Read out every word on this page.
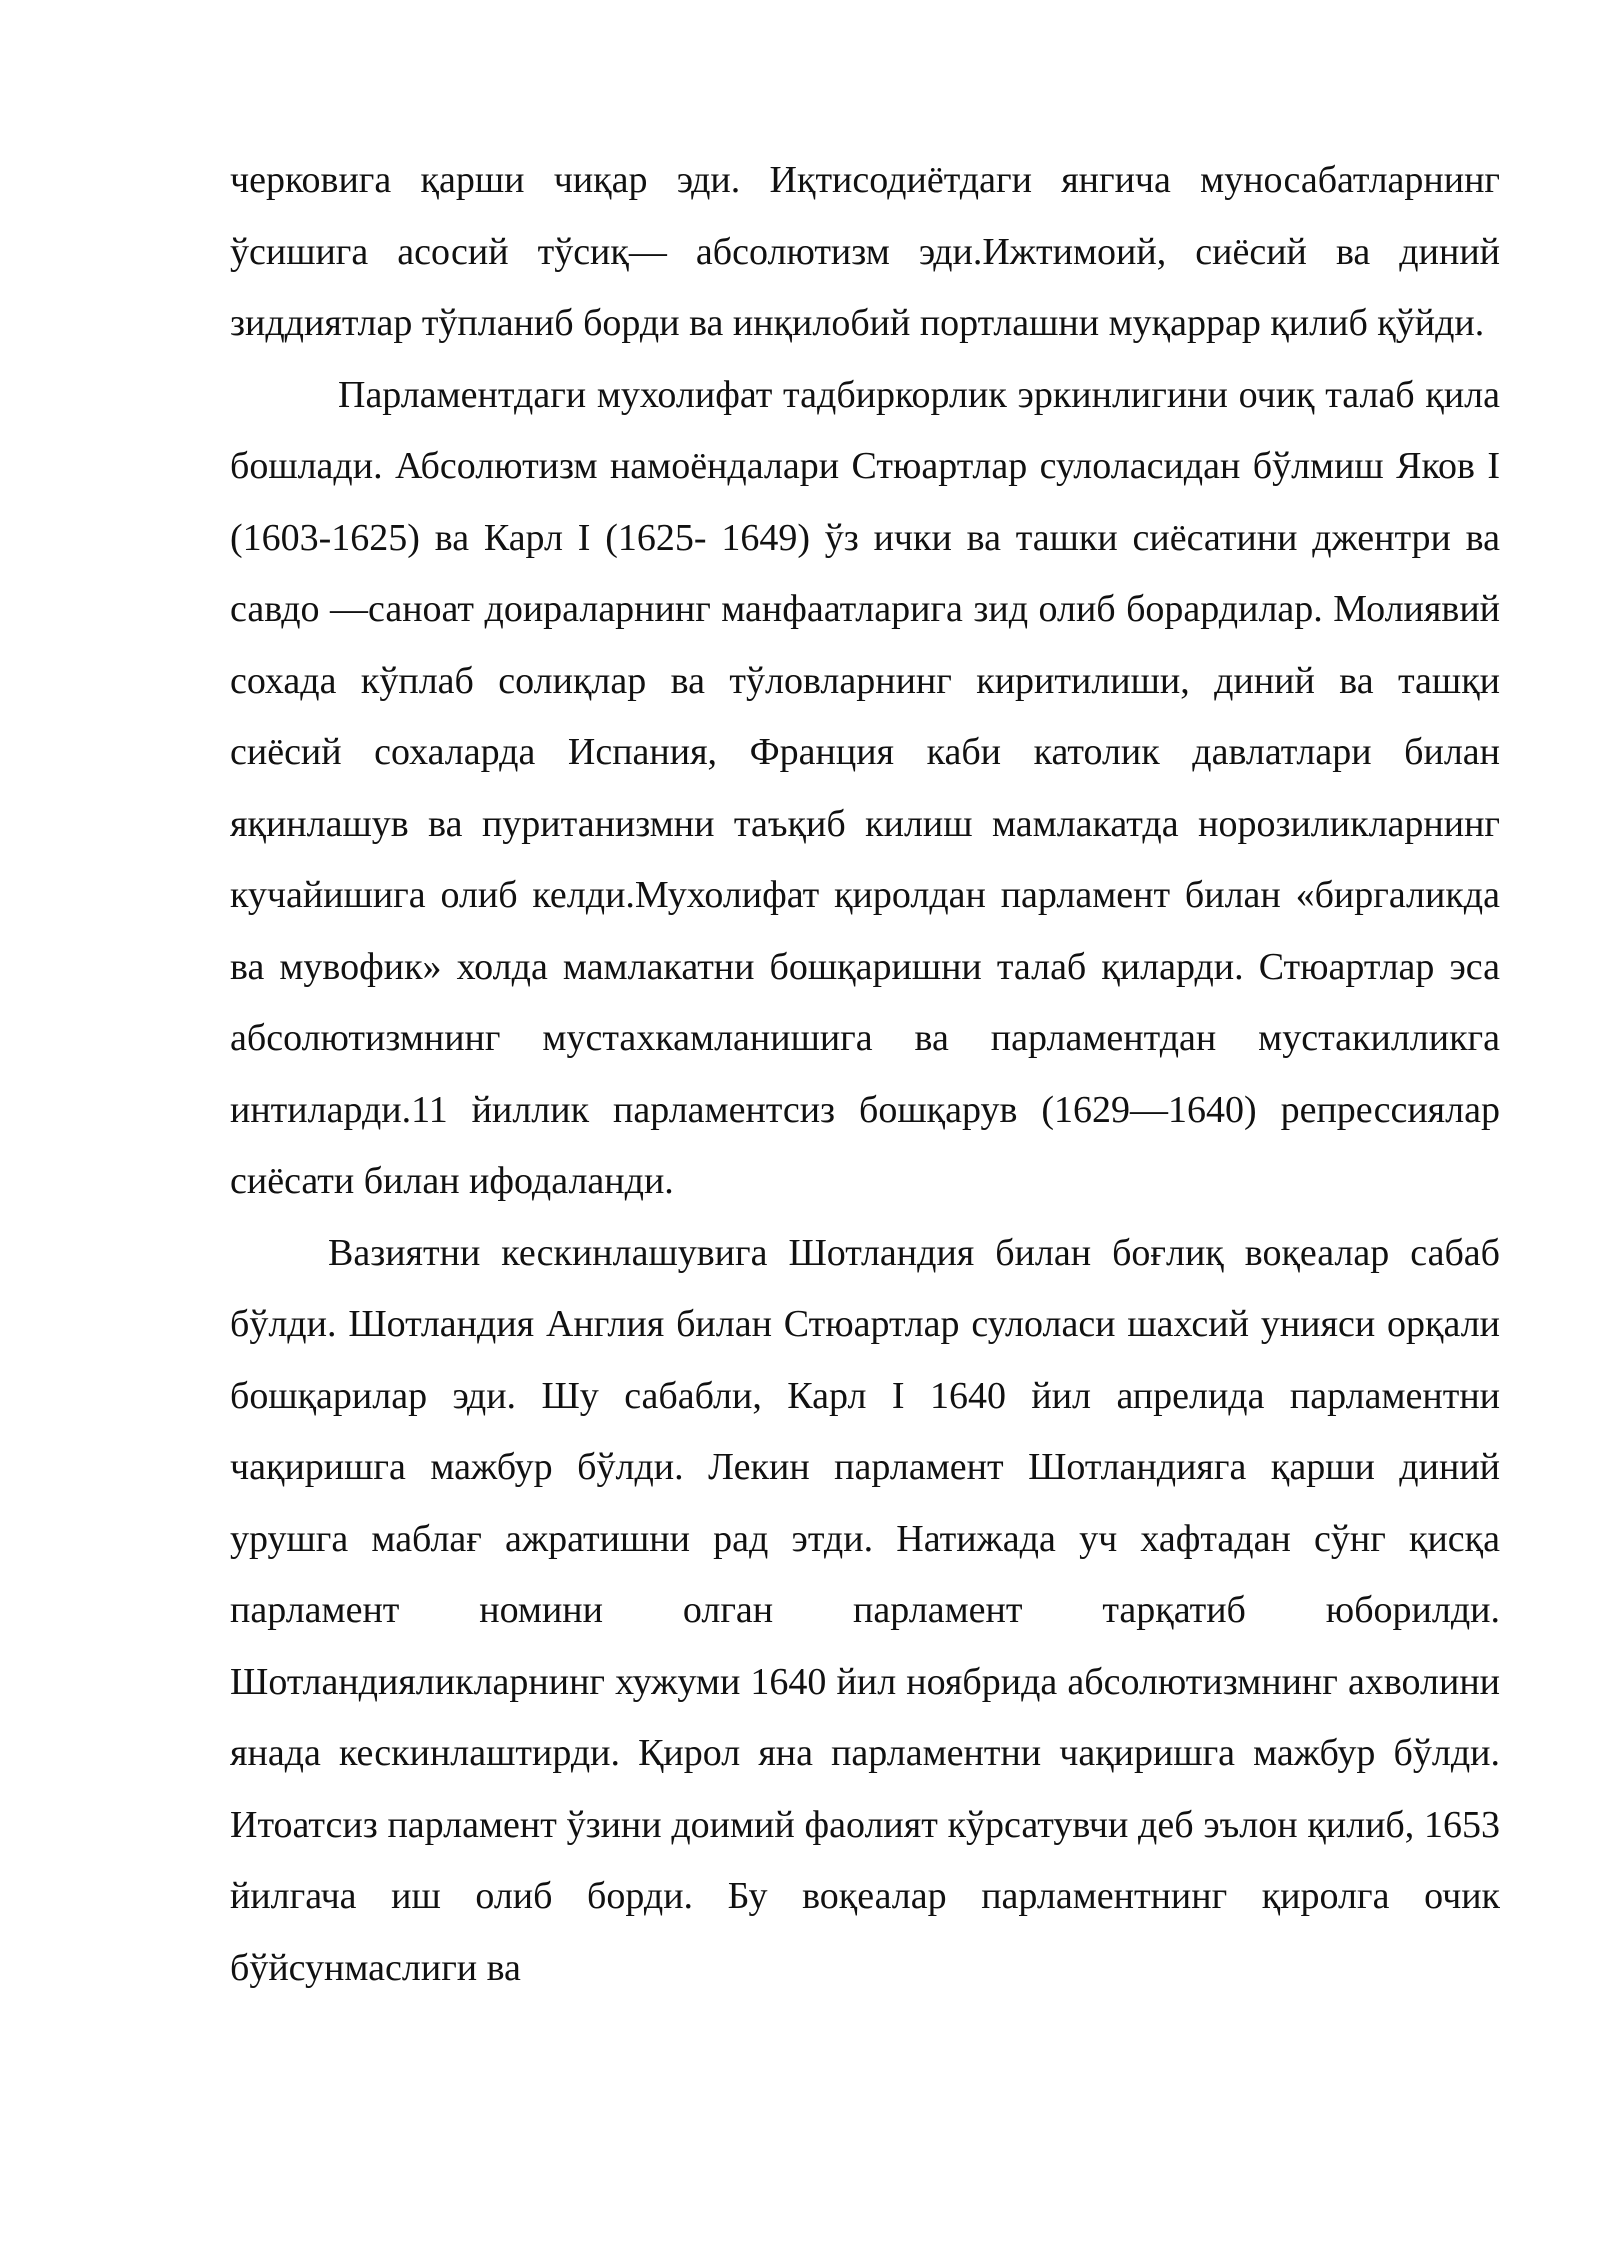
черковига қарши чиқар эди. Иқтисодиётдаги янгича муносабатларнинг ўсишига асосий тўсиқ— абсолютизм эди.Ижтимоий, сиёсий ва диний зиддиятлар тўпланиб борди ва инқилобий портлашни муқаррар қилиб қўйди.

Парламентдаги мухолифат тадбиркорлик эркинлигини очиқ талаб қила бошлади. Абсолютизм намоёндалари Стюартлар сулоласидан бўлмиш Яков I (1603-1625) ва Карл I (1625- 1649) ўз ички ва ташки сиёсатини джентри ва савдо —саноат доираларнинг манфаатларига зид олиб борардилар. Молиявий сохада кўплаб солиқлар ва тўловларнинг киритилиши, диний ва ташқи сиёсий сохаларда Испания, Франция каби католик давлатлари билан яқинлашув ва пуританизмни таъқиб килиш мамлакатда норозиликларнинг кучайишига олиб келди.Мухолифат қиролдан парламент билан «биргаликда ва мувофик» холда мамлакатни бошқаришни талаб қиларди. Стюартлар эса абсолютизмнинг мустахкамланишига ва парламентдан мустакилликга интиларди.11 йиллик парламентсиз бошқарув (1629—1640) репрессиялар сиёсати билан ифодаланди.

Вазиятни кескинлашувига Шотландия билан боғлиқ воқеалар сабаб бўлди. Шотландия Англия билан Стюартлар сулоласи шахсий унияси орқали бошқарилар эди. Шу сабабли, Карл I 1640 йил апрелида парламентни чақиришга мажбур бўлди. Лекин парламент Шотландияга қарши диний урушга маблағ ажратишни рад этди. Натижада уч хафтадан сўнг қисқа парламент номини олган парламент тарқатиб юборилди. Шотландияликларнинг хужуми 1640 йил ноябрида абсолютизмнинг ахволини янада кескинлаштирди. Қирол яна парламентни чақиришга мажбур бўлди. Итоатсиз парламент ўзини доимий фаолият кўрсатувчи деб эълон қилиб, 1653 йилгача иш олиб борди. Бу воқеалар парламентнинг қиролга очик бўйсунмаслиги ва
